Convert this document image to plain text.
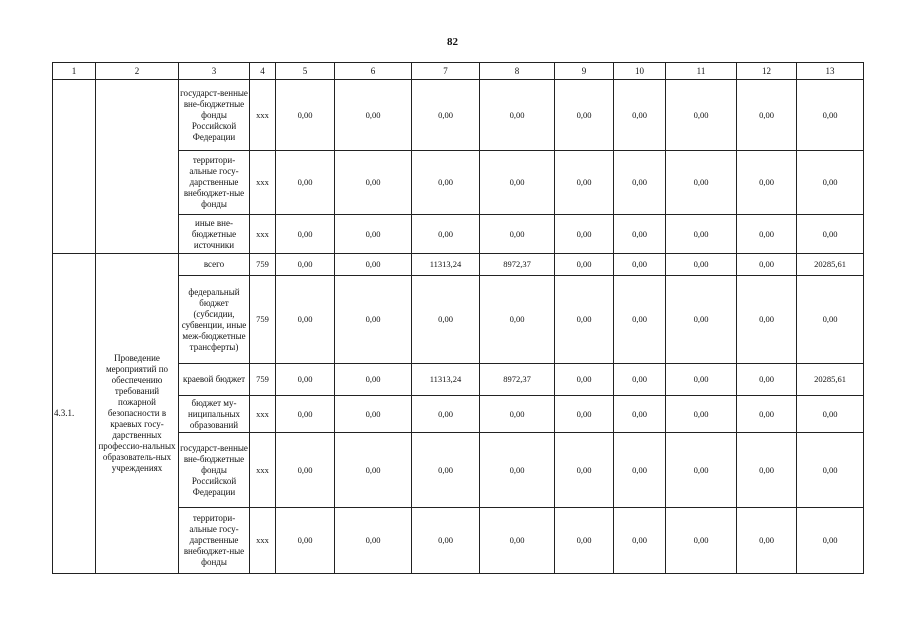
82
1	2	3	4	5	6	7	8	9	10	11	12	13
		государст-венные вне-бюджетные фонды Российской Федерации	ххх	0,00	0,00	0,00	0,00	0,00	0,00	0,00	0,00	0,00
		территори-альные госу-дарственные внебюджет-ные фонды	ххх	0,00	0,00	0,00	0,00	0,00	0,00	0,00	0,00	0,00
		иные вне-бюджетные источники	ххх	0,00	0,00	0,00	0,00	0,00	0,00	0,00	0,00	0,00
4.3.1.	Проведение мероприятий по обеспечению требований пожарной безопасности в краевых госу-дарственных профессио-нальных образователь-ных учреждениях	всего	759	0,00	0,00	11313,24	8972,37	0,00	0,00	0,00	0,00	20285,61
		федеральный бюджет (субсидии, субвенции, иные меж-бюджетные трансферты)	759	0,00	0,00	0,00	0,00	0,00	0,00	0,00	0,00	0,00
		краевой бюджет	759	0,00	0,00	11313,24	8972,37	0,00	0,00	0,00	0,00	20285,61
		бюджет му-ниципальных образований	ххх	0,00	0,00	0,00	0,00	0,00	0,00	0,00	0,00	0,00
		государст-венные вне-бюджетные фонды Российской Федерации	ххх	0,00	0,00	0,00	0,00	0,00	0,00	0,00	0,00	0,00
		территори-альные госу-дарственные внебюджет-ные фонды	ххх	0,00	0,00	0,00	0,00	0,00	0,00	0,00	0,00	0,00
